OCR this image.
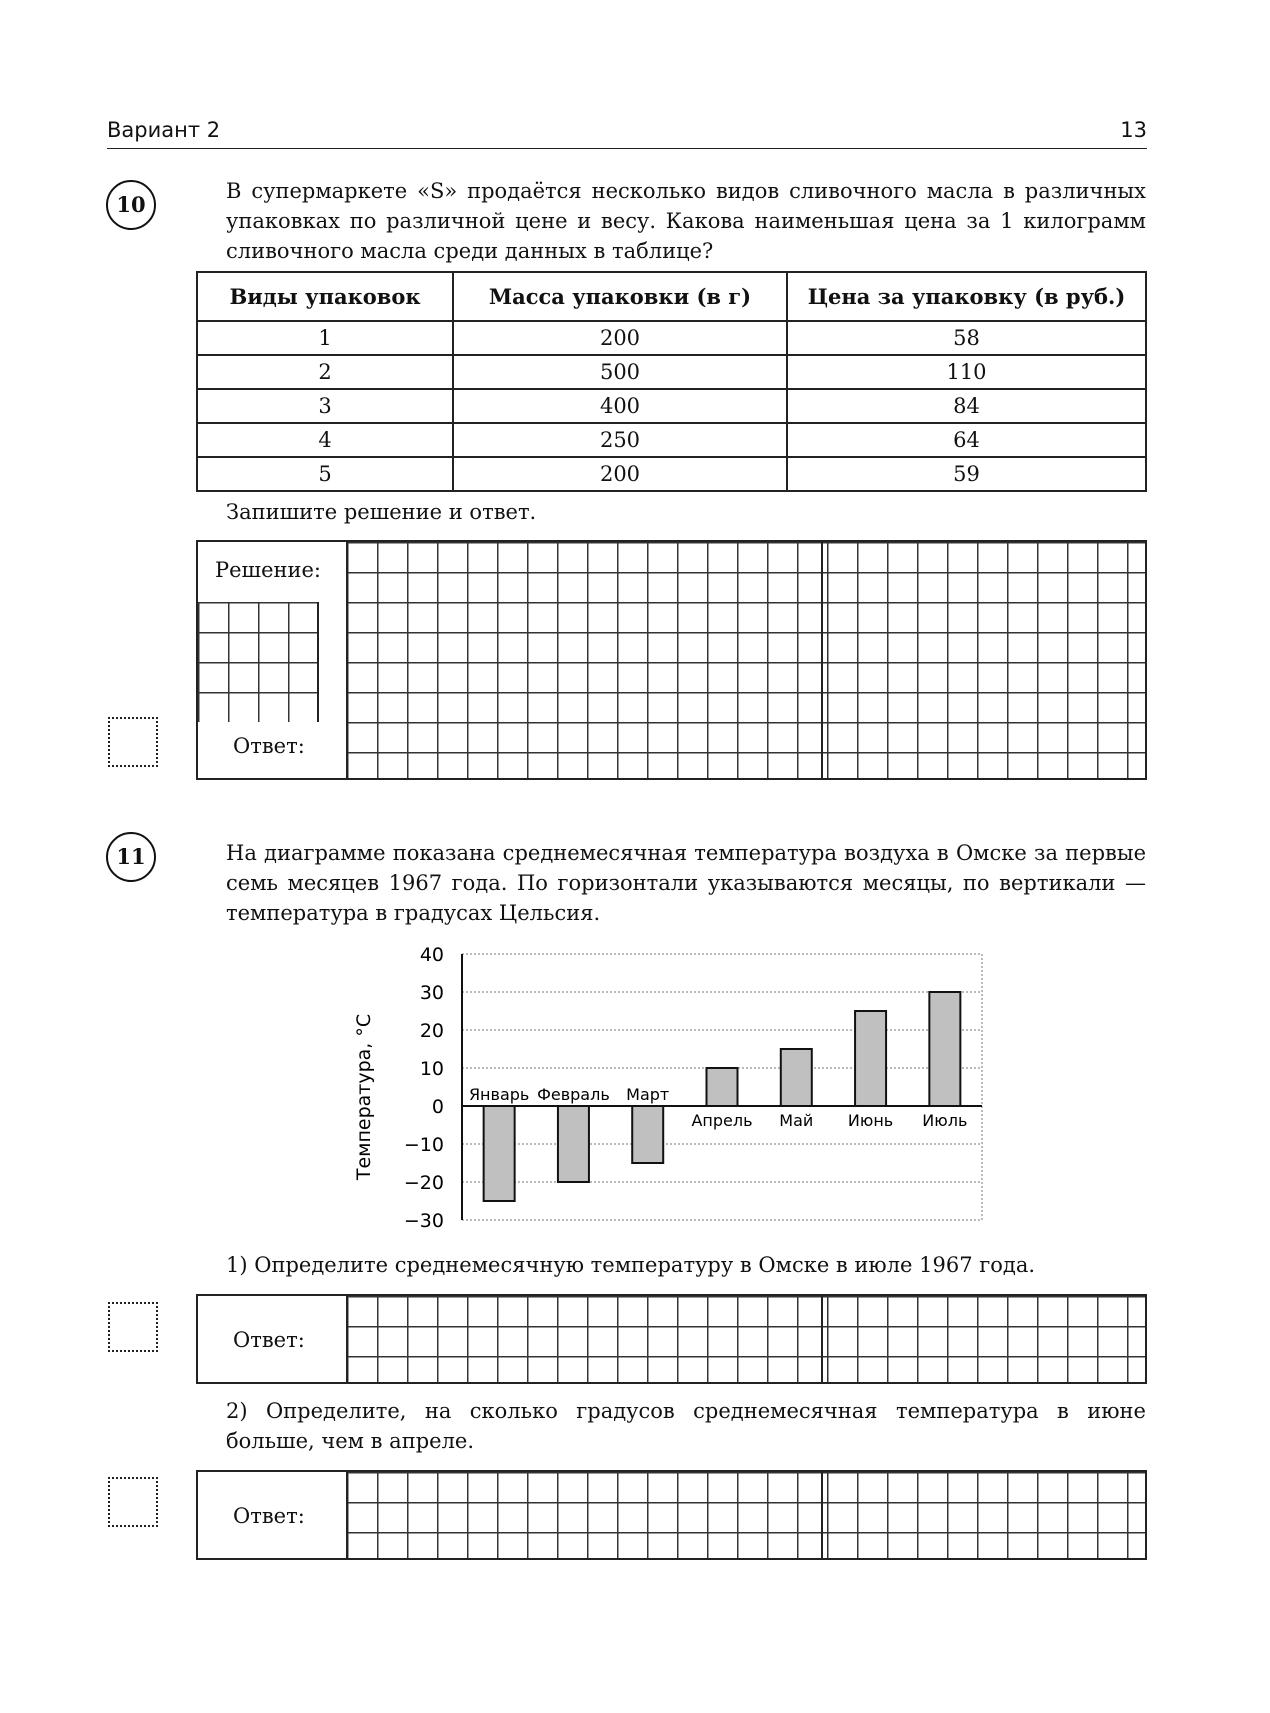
Вариант 2	13
10
В супермаркете «S» продаётся несколько видов сливочного масла в различных упаковках по различной цене и весу. Какова наименьшая цена за 1 килограмм сливочного масла среди данных в таблице?
Виды упаковок	Масса упаковки (в г)	Цена за упаковку (в руб.)
1	200	58
2	500	110
3	400	84
4	250	64
5	200	59
Запишите решение и ответ.
Решение:
Ответ:
11	На диаграмме показана среднемесячная температура воздуха в Омске за первые семь месяцев 1967 года. По горизонтали указываются месяцы, по вертикали — температура в градусах Цельсия.
40
30
20
10
0
−10
−20
−30
Январь Февраль Март
Апрель Май Июнь Июль
Температура, °С
1) Определите среднемесячную температуру в Омске в июле 1967 года.
Ответ:
2) Определите, на сколько градусов среднемесячная температура в июне больше, чем в апреле.
Ответ:
